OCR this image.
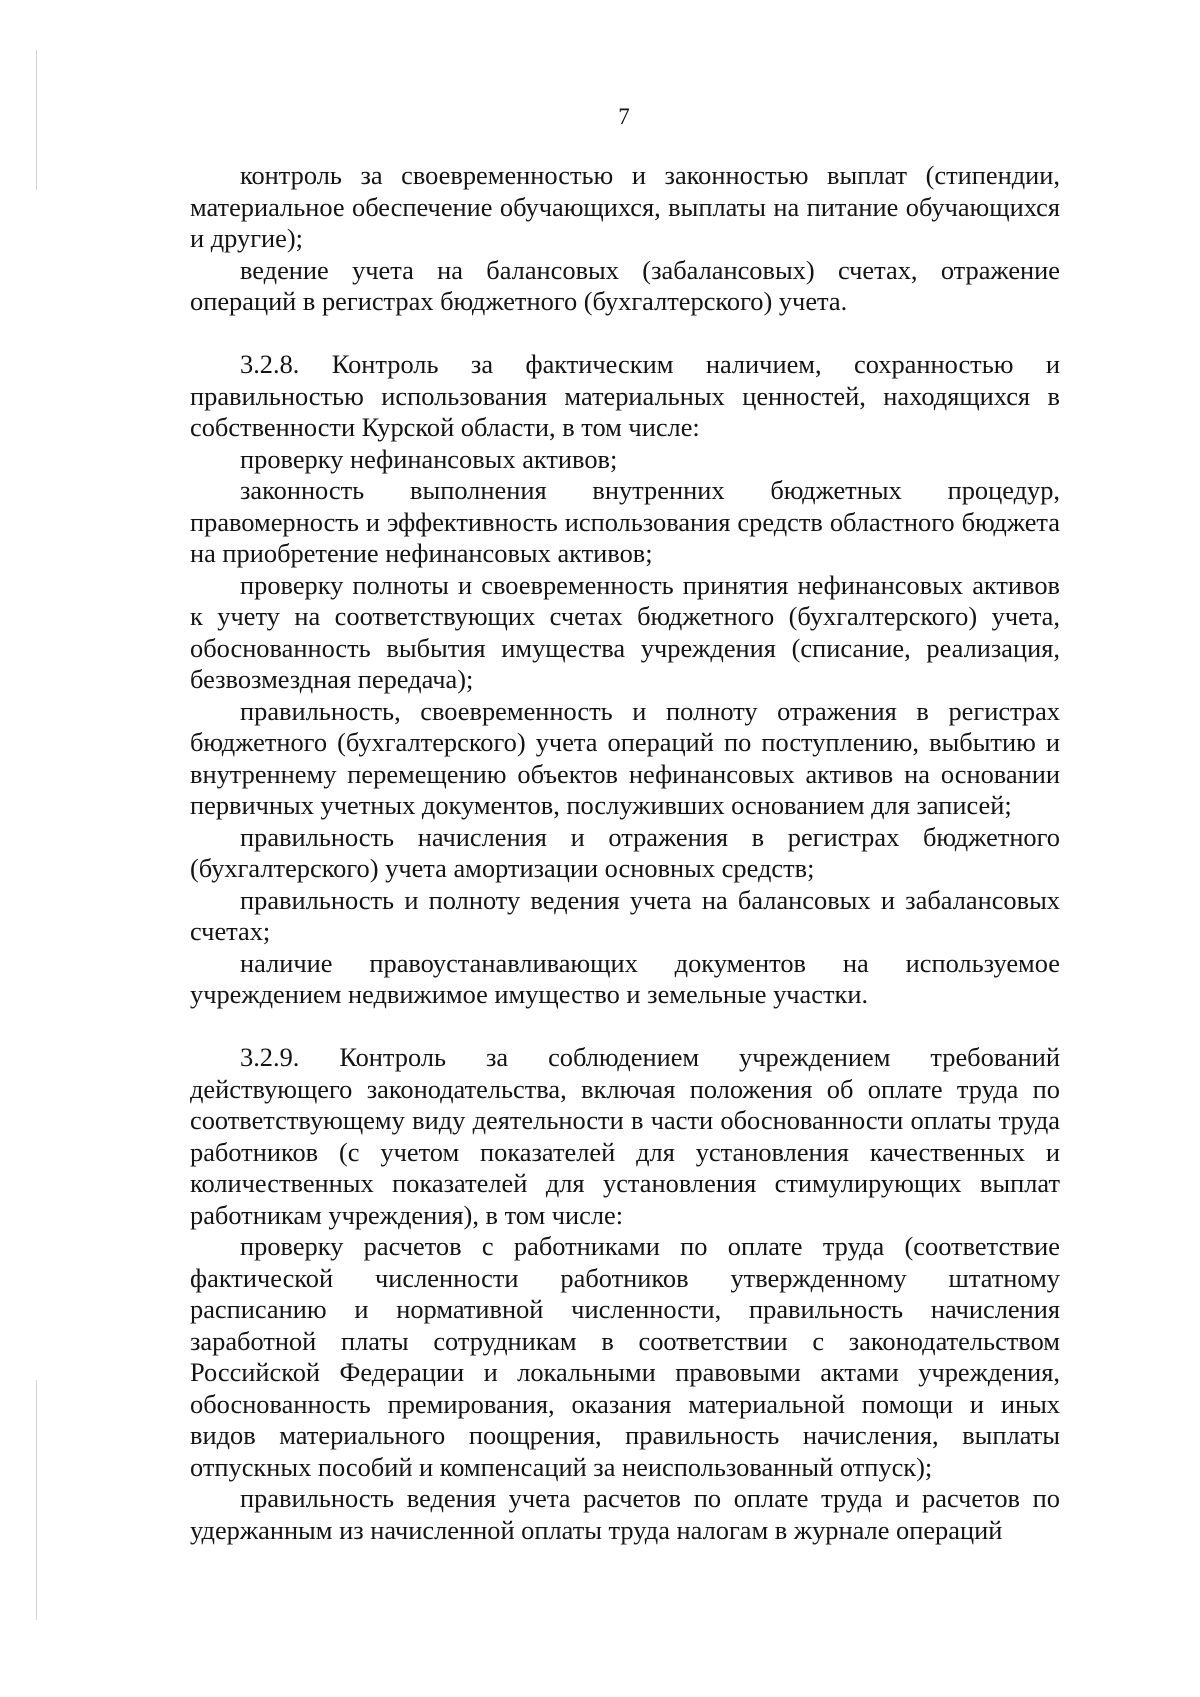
7

контроль за своевременностью и законностью выплат (стипендии, материальное обеспечение обучающихся, выплаты на питание обучающихся и другие);

ведение учета на балансовых (забалансовых) счетах, отражение операций в регистрах бюджетного (бухгалтерского) учета.

3.2.8. Контроль за фактическим наличием, сохранностью и правильностью использования материальных ценностей, находящихся в собственности Курской области, в том числе:

проверку нефинансовых активов;

законность выполнения внутренних бюджетных процедур, правомерность и эффективность использования средств областного бюджета на приобретение нефинансовых активов;

проверку полноты и своевременность принятия нефинансовых активов к учету на соответствующих счетах бюджетного (бухгалтерского) учета, обоснованность выбытия имущества учреждения (списание, реализация, безвозмездная передача);

правильность, своевременность и полноту отражения в регистрах бюджетного (бухгалтерского) учета операций по поступлению, выбытию и внутреннему перемещению объектов нефинансовых активов на основании первичных учетных документов, послуживших основанием для записей;

правильность начисления и отражения в регистрах бюджетного (бухгалтерского) учета амортизации основных средств;

правильность и полноту ведения учета на балансовых и забалансовых счетах;

наличие правоустанавливающих документов на используемое учреждением недвижимое имущество и земельные участки.

3.2.9. Контроль за соблюдением учреждением требований действующего законодательства, включая положения об оплате труда по соответствующему виду деятельности в части обоснованности оплаты труда работников (с учетом показателей для установления качественных и количественных показателей для установления стимулирующих выплат работникам учреждения), в том числе:

проверку расчетов с работниками по оплате труда (соответствие фактической численности работников утвержденному штатному расписанию и нормативной численности, правильность начисления заработной платы сотрудникам в соответствии с законодательством Российской Федерации и локальными правовыми актами учреждения, обоснованность премирования, оказания материальной помощи и иных видов материального поощрения, правильность начисления, выплаты отпускных пособий и компенсаций за неиспользованный отпуск);

правильность ведения учета расчетов по оплате труда и расчетов по удержанным из начисленной оплаты труда налогам в журнале операций
